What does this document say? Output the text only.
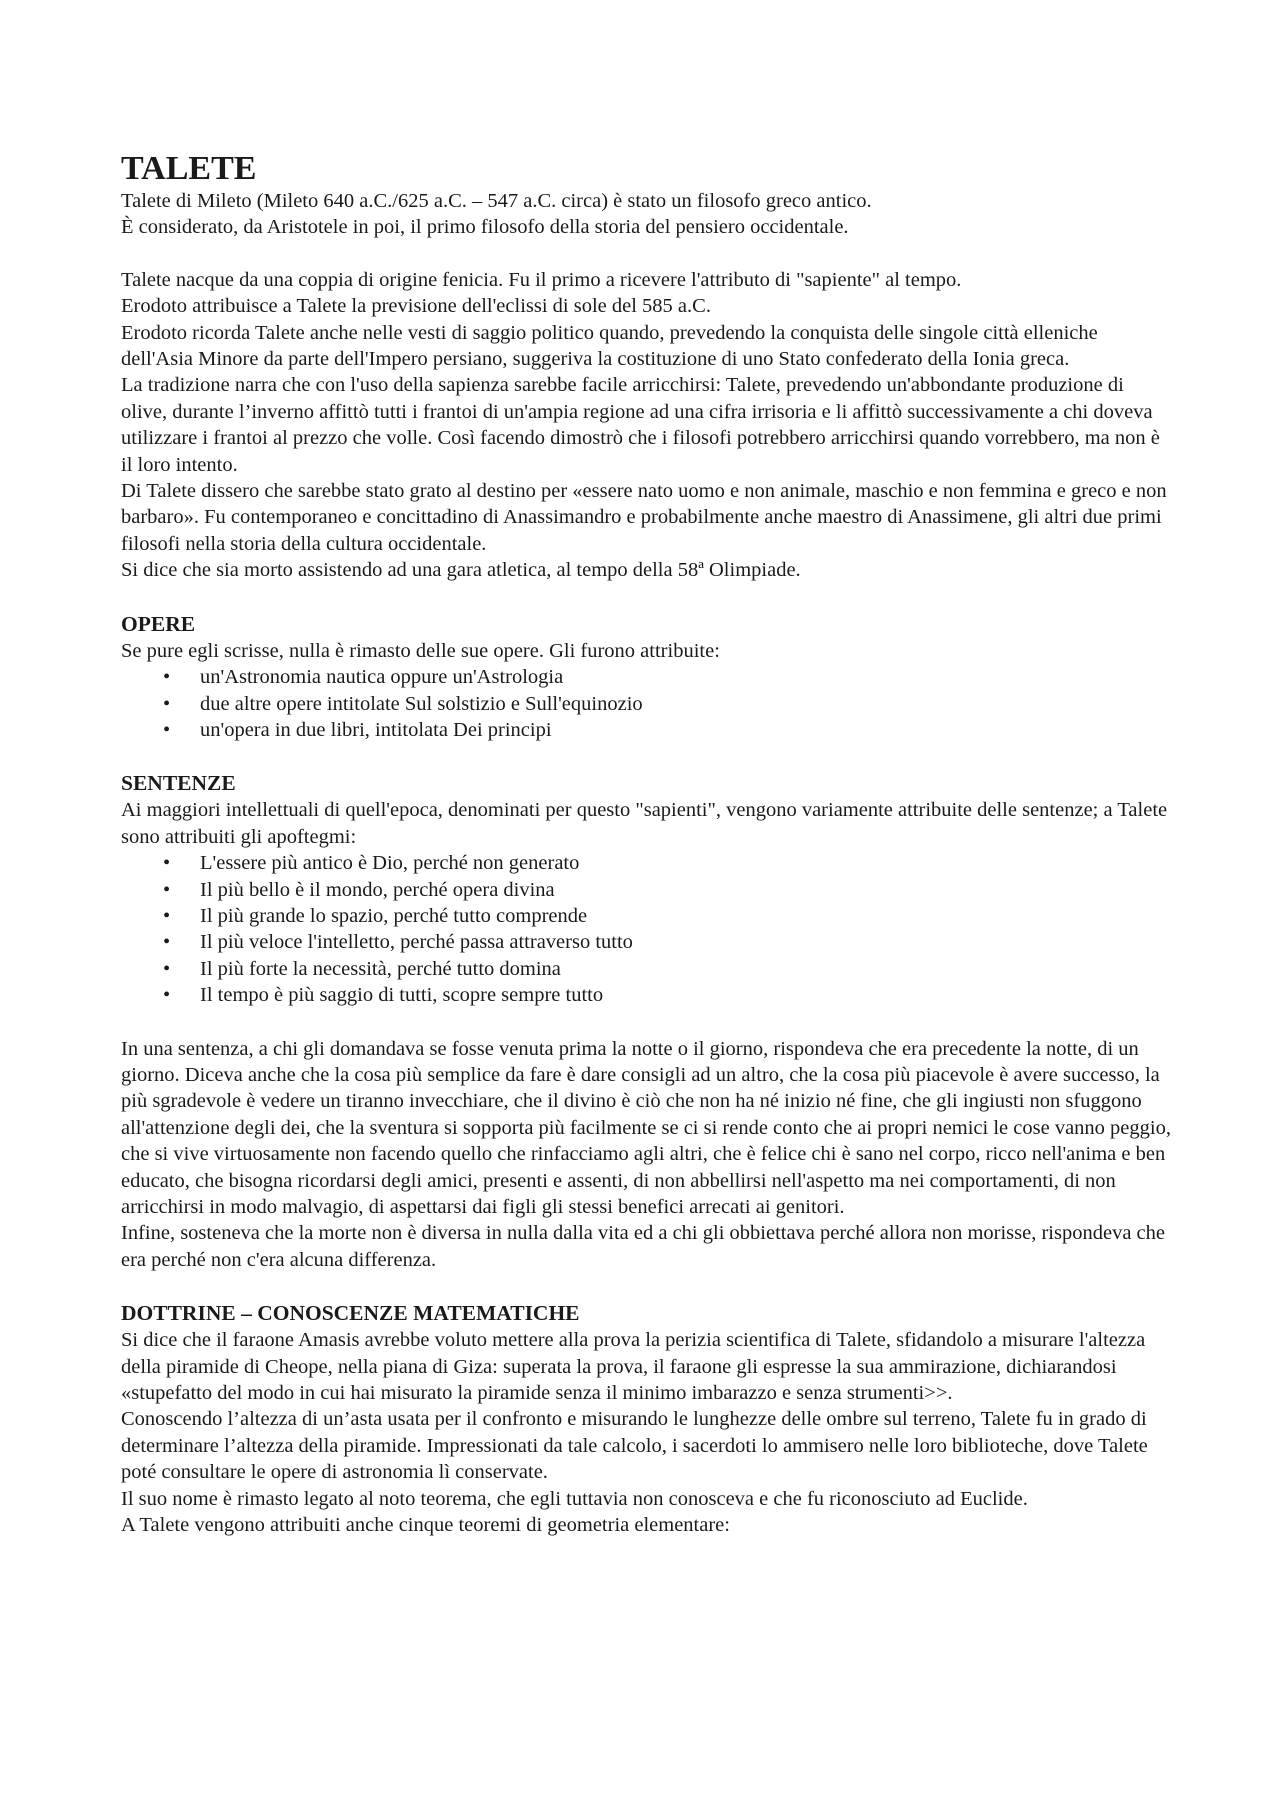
TALETE

Talete di Mileto (Mileto 640 a.C./625 a.C. – 547 a.C. circa) è stato un filosofo greco antico.

È considerato, da Aristotele in poi, il primo filosofo della storia del pensiero occidentale.

Talete nacque da una coppia di origine fenicia. Fu il primo a ricevere l'attributo di "sapiente" al tempo.

Erodoto attribuisce a Talete la previsione dell'eclissi di sole del 585 a.C.

Erodoto ricorda Talete anche nelle vesti di saggio politico quando, prevedendo la conquista delle singole città elleniche dell'Asia Minore da parte dell'Impero persiano, suggeriva la costituzione di uno Stato confederato della Ionia greca.

La tradizione narra che con l'uso della sapienza sarebbe facile arricchirsi: Talete, prevedendo un'abbondante produzione di olive, durante l’inverno affittò tutti i frantoi di un'ampia regione ad una cifra irrisoria e li affittò successivamente a chi doveva utilizzare i frantoi al prezzo che volle. Così facendo dimostrò che i filosofi potrebbero arricchirsi quando vorrebbero, ma non è il loro intento.

Di Talete dissero che sarebbe stato grato al destino per «essere nato uomo e non animale, maschio e non femmina e greco e non barbaro». Fu contemporaneo e concittadino di Anassimandro e probabilmente anche maestro di Anassimene, gli altri due primi filosofi nella storia della cultura occidentale.

Si dice che sia morto assistendo ad una gara atletica, al tempo della 58ª Olimpiade.

OPERE

Se pure egli scrisse, nulla è rimasto delle sue opere. Gli furono attribuite:

• un'Astronomia nautica oppure un'Astrologia
• due altre opere intitolate Sul solstizio e Sull'equinozio
• un'opera in due libri, intitolata Dei principi
SENTENZE

Ai maggiori intellettuali di quell'epoca, denominati per questo "sapienti", vengono variamente attribuite delle sentenze; a Talete sono attribuiti gli apoftegmi:

• L'essere più antico è Dio, perché non generato
• Il più bello è il mondo, perché opera divina
• Il più grande lo spazio, perché tutto comprende
• Il più veloce l'intelletto, perché passa attraverso tutto
• Il più forte la necessità, perché tutto domina
• Il tempo è più saggio di tutti, scopre sempre tutto

In una sentenza, a chi gli domandava se fosse venuta prima la notte o il giorno, rispondeva che era precedente la notte, di un giorno. Diceva anche che la cosa più semplice da fare è dare consigli ad un altro, che la cosa più piacevole è avere successo, la più sgradevole è vedere un tiranno invecchiare, che il divino è ciò che non ha né inizio né fine, che gli ingiusti non sfuggono all'attenzione degli dei, che la sventura si sopporta più facilmente se ci si rende conto che ai propri nemici le cose vanno peggio, che si vive virtuosamente non facendo quello che rinfacciamo agli altri, che è felice chi è sano nel corpo, ricco nell'anima e ben educato, che bisogna ricordarsi degli amici, presenti e assenti, di non abbellirsi nell'aspetto ma nei comportamenti, di non arricchirsi in modo malvagio, di aspettarsi dai figli gli stessi benefici arrecati ai genitori.

Infine, sosteneva che la morte non è diversa in nulla dalla vita ed a chi gli obbiettava perché allora non morisse, rispondeva che era perché non c'era alcuna differenza.

DOTTRINE – CONOSCENZE MATEMATICHE

Si dice che il faraone Amasis avrebbe voluto mettere alla prova la perizia scientifica di Talete, sfidandolo a misurare l'altezza della piramide di Cheope, nella piana di Giza: superata la prova, il faraone gli espresse la sua ammirazione, dichiarandosi «stupefatto del modo in cui hai misurato la piramide senza il minimo imbarazzo e senza strumenti>>.

Conoscendo l’altezza di un’asta usata per il confronto e misurando le lunghezze delle ombre sul terreno, Talete fu in grado di determinare l’altezza della piramide. Impressionati da tale calcolo, i sacerdoti lo ammisero nelle loro biblioteche, dove Talete poté consultare le opere di astronomia lì conservate.

Il suo nome è rimasto legato al noto teorema, che egli tuttavia non conosceva e che fu riconosciuto ad Euclide.

A Talete vengono attribuiti anche cinque teoremi di geometria elementare:
